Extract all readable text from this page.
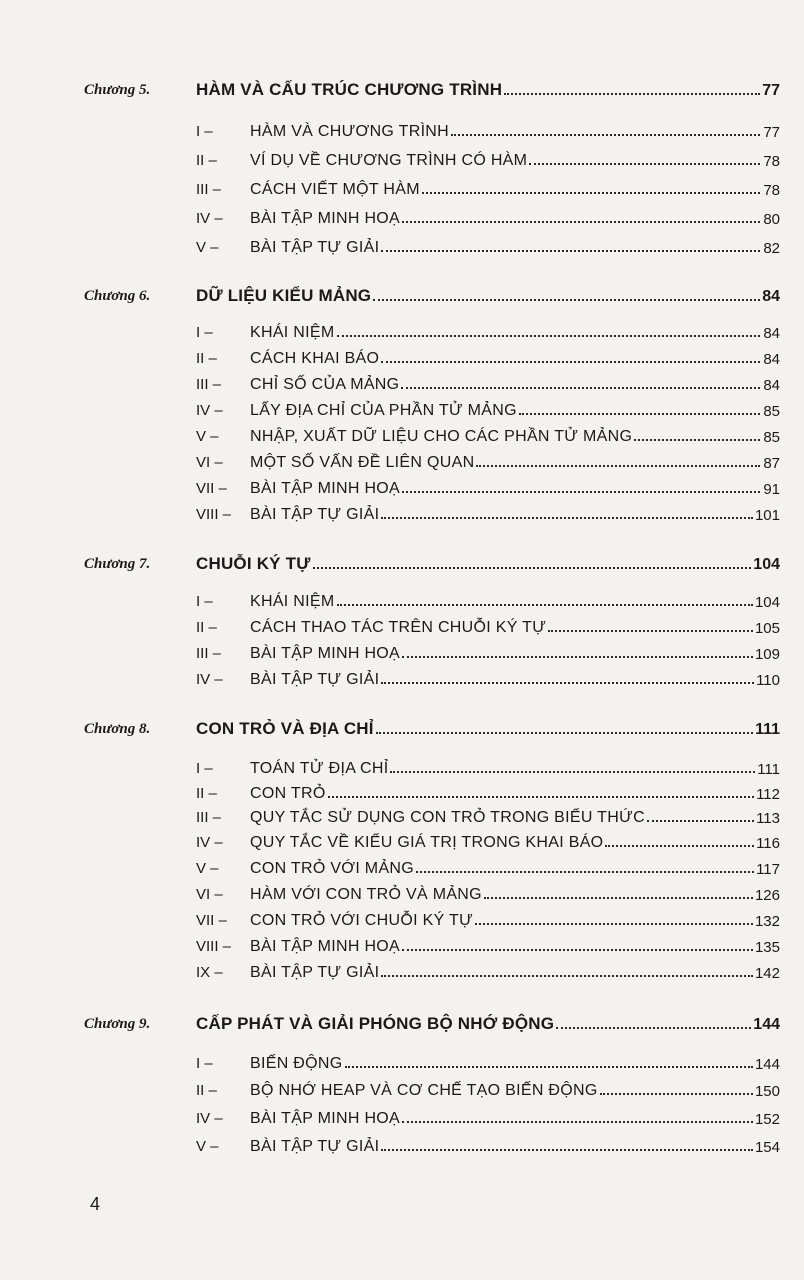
Chương 5.	HÀM VÀ CẤU TRÚC CHƯƠNG TRÌNH	77
I –	HÀM VÀ CHƯƠNG TRÌNH	77
II –	VÍ DỤ VỀ CHƯƠNG TRÌNH CÓ HÀM	78
III –	CÁCH VIẾT MỘT HÀM	78
IV –	BÀI TẬP MINH HOẠ	80
V –	BÀI TẬP TỰ GIẢI	82
Chương 6.	DỮ LIỆU KIỂU MẢNG	84
I –	KHÁI NIỆM	84
II –	CÁCH KHAI BÁO	84
III –	CHỈ SỐ CỦA MẢNG	84
IV –	LẤY ĐỊA CHỈ CỦA PHẦN TỬ MẢNG	85
V –	NHẬP, XUẤT DỮ LIỆU CHO CÁC PHẦN TỬ MẢNG	85
VI –	MỘT SỐ VẤN ĐỀ LIÊN QUAN	87
VII –	BÀI TẬP MINH HOẠ	91
VIII –	BÀI TẬP TỰ GIẢI	101
Chương 7.	CHUỖI KÝ TỰ	104
I –	KHÁI NIỆM	104
II –	CÁCH THAO TÁC TRÊN CHUỖI KÝ TỰ	105
III –	BÀI TẬP MINH HOẠ	109
IV –	BÀI TẬP TỰ GIẢI	110
Chương 8.	CON TRỎ VÀ ĐỊA CHỈ	111
I –	TOÁN TỬ ĐỊA CHỈ	111
II –	CON TRỎ	112
III –	QUY TẮC SỬ DỤNG CON TRỎ TRONG BIỂU THỨC	113
IV –	QUY TẮC VỀ KIỂU GIÁ TRỊ TRONG KHAI BÁO	116
V –	CON TRỎ VỚI MẢNG	117
VI –	HÀM VỚI CON TRỎ VÀ MẢNG	126
VII –	CON TRỎ VỚI CHUỖI KÝ TỰ	132
VIII –	BÀI TẬP MINH HOẠ	135
IX –	BÀI TẬP TỰ GIẢI	142
Chương 9.	CẤP PHÁT VÀ GIẢI PHÓNG BỘ NHỚ ĐỘNG	144
I –	BIẾN ĐỘNG	144
II –	BỘ NHỚ HEAP VÀ CƠ CHẾ TẠO BIẾN ĐỘNG	150
IV –	BÀI TẬP MINH HOẠ	152
V –	BÀI TẬP TỰ GIẢI	154
4
